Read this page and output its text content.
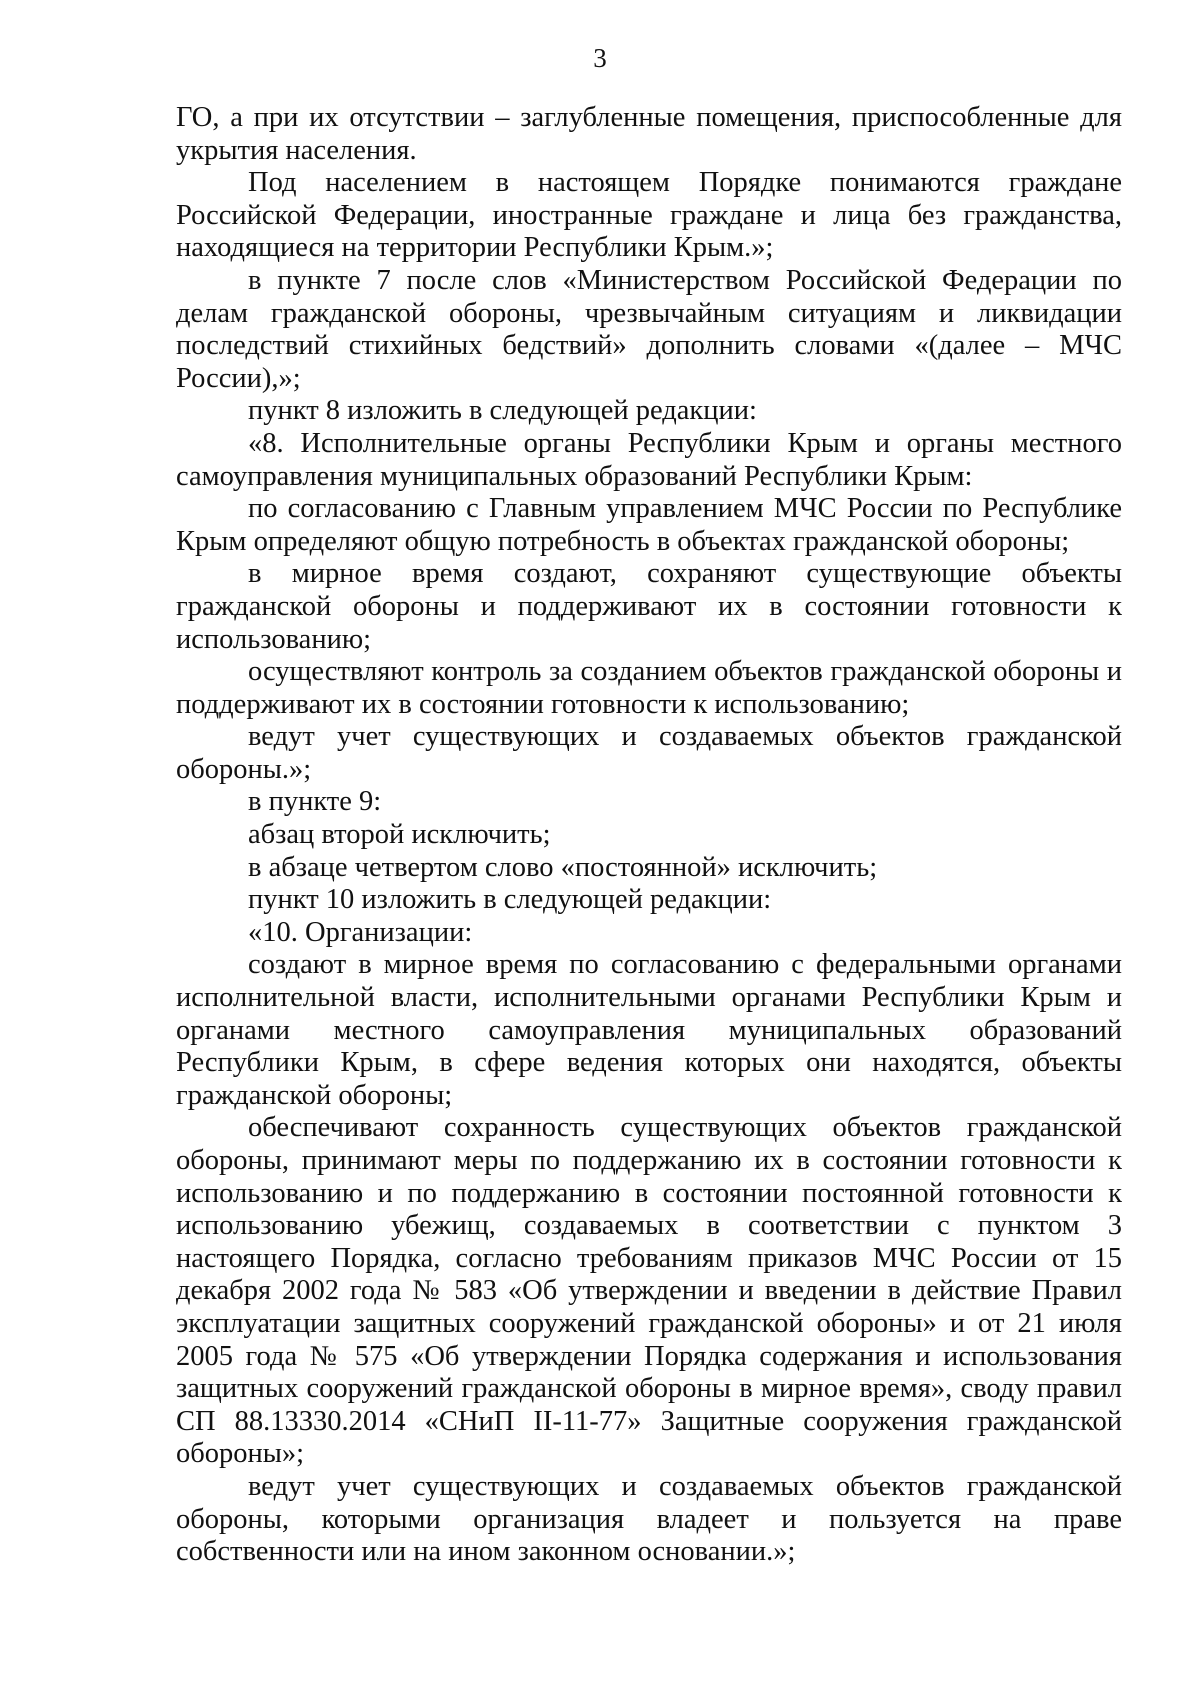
3

ГО, а при их отсутствии – заглубленные помещения, приспособленные для укрытия населения.

Под населением в настоящем Порядке понимаются граждане Российской Федерации, иностранные граждане и лица без гражданства, находящиеся на территории Республики Крым.»;

в пункте 7 после слов «Министерством Российской Федерации по делам гражданской обороны, чрезвычайным ситуациям и ликвидации последствий стихийных бедствий» дополнить словами «(далее – МЧС России),»;

пункт 8 изложить в следующей редакции:

«8. Исполнительные органы Республики Крым и органы местного самоуправления муниципальных образований Республики Крым:

по согласованию с Главным управлением МЧС России по Республике Крым определяют общую потребность в объектах гражданской обороны;

в мирное время создают, сохраняют существующие объекты гражданской обороны и поддерживают их в состоянии готовности к использованию;

осуществляют контроль за созданием объектов гражданской обороны и поддерживают их в состоянии готовности к использованию;

ведут учет существующих и создаваемых объектов гражданской обороны.»;

в пункте 9:

абзац второй исключить;

в абзаце четвертом слово «постоянной» исключить;

пункт 10 изложить в следующей редакции:

«10. Организации:

создают в мирное время по согласованию с федеральными органами исполнительной власти, исполнительными органами Республики Крым и органами местного самоуправления муниципальных образований Республики Крым, в сфере ведения которых они находятся, объекты гражданской обороны;

обеспечивают сохранность существующих объектов гражданской обороны, принимают меры по поддержанию их в состоянии готовности к использованию и по поддержанию в состоянии постоянной готовности к использованию убежищ, создаваемых в соответствии с пунктом 3 настоящего Порядка, согласно требованиям приказов МЧС России от 15 декабря 2002 года № 583 «Об утверждении и введении в действие Правил эксплуатации защитных сооружений гражданской обороны» и от 21 июля 2005 года № 575 «Об утверждении Порядка содержания и использования защитных сооружений гражданской обороны в мирное время», своду правил СП 88.13330.2014 «СНиП II-11-77» Защитные сооружения гражданской обороны»;

ведут учет существующих и создаваемых объектов гражданской обороны, которыми организация владеет и пользуется на праве собственности или на ином законном основании.»;
